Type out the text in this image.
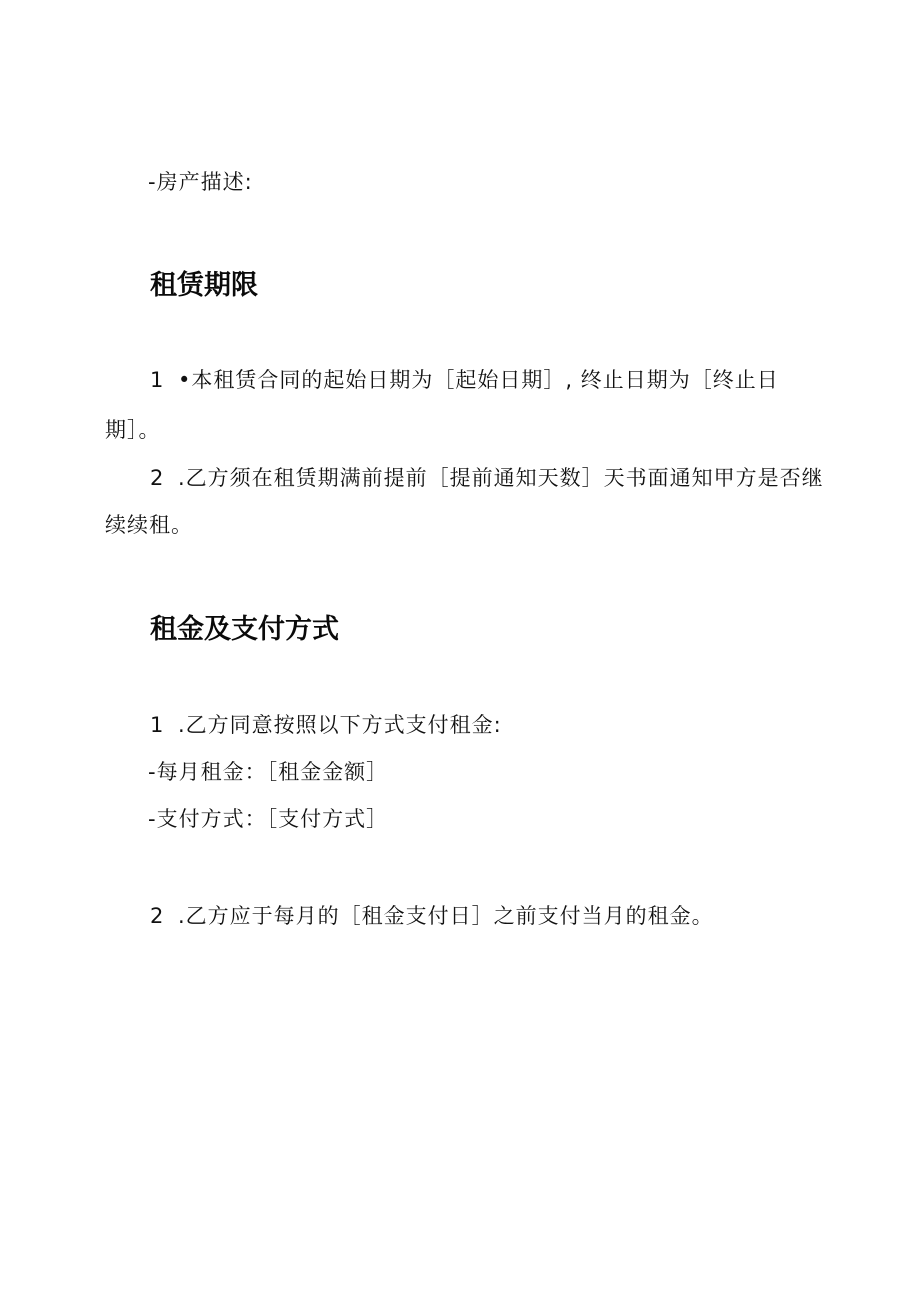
-房产描述:
租赁期限
1 •本租赁合同的起始日期为［起始日期］, 终止日期为［终止日
期］。
2 .乙方须在租赁期满前提前［提前通知天数］天书面通知甲方是否继
续续租。
租金及支付方式
1 .乙方同意按照以下方式支付租金:
-每月租金：［租金金额］
-支付方式：［支付方式］
2 .乙方应于每月的［租金支付日］之前支付当月的租金。
